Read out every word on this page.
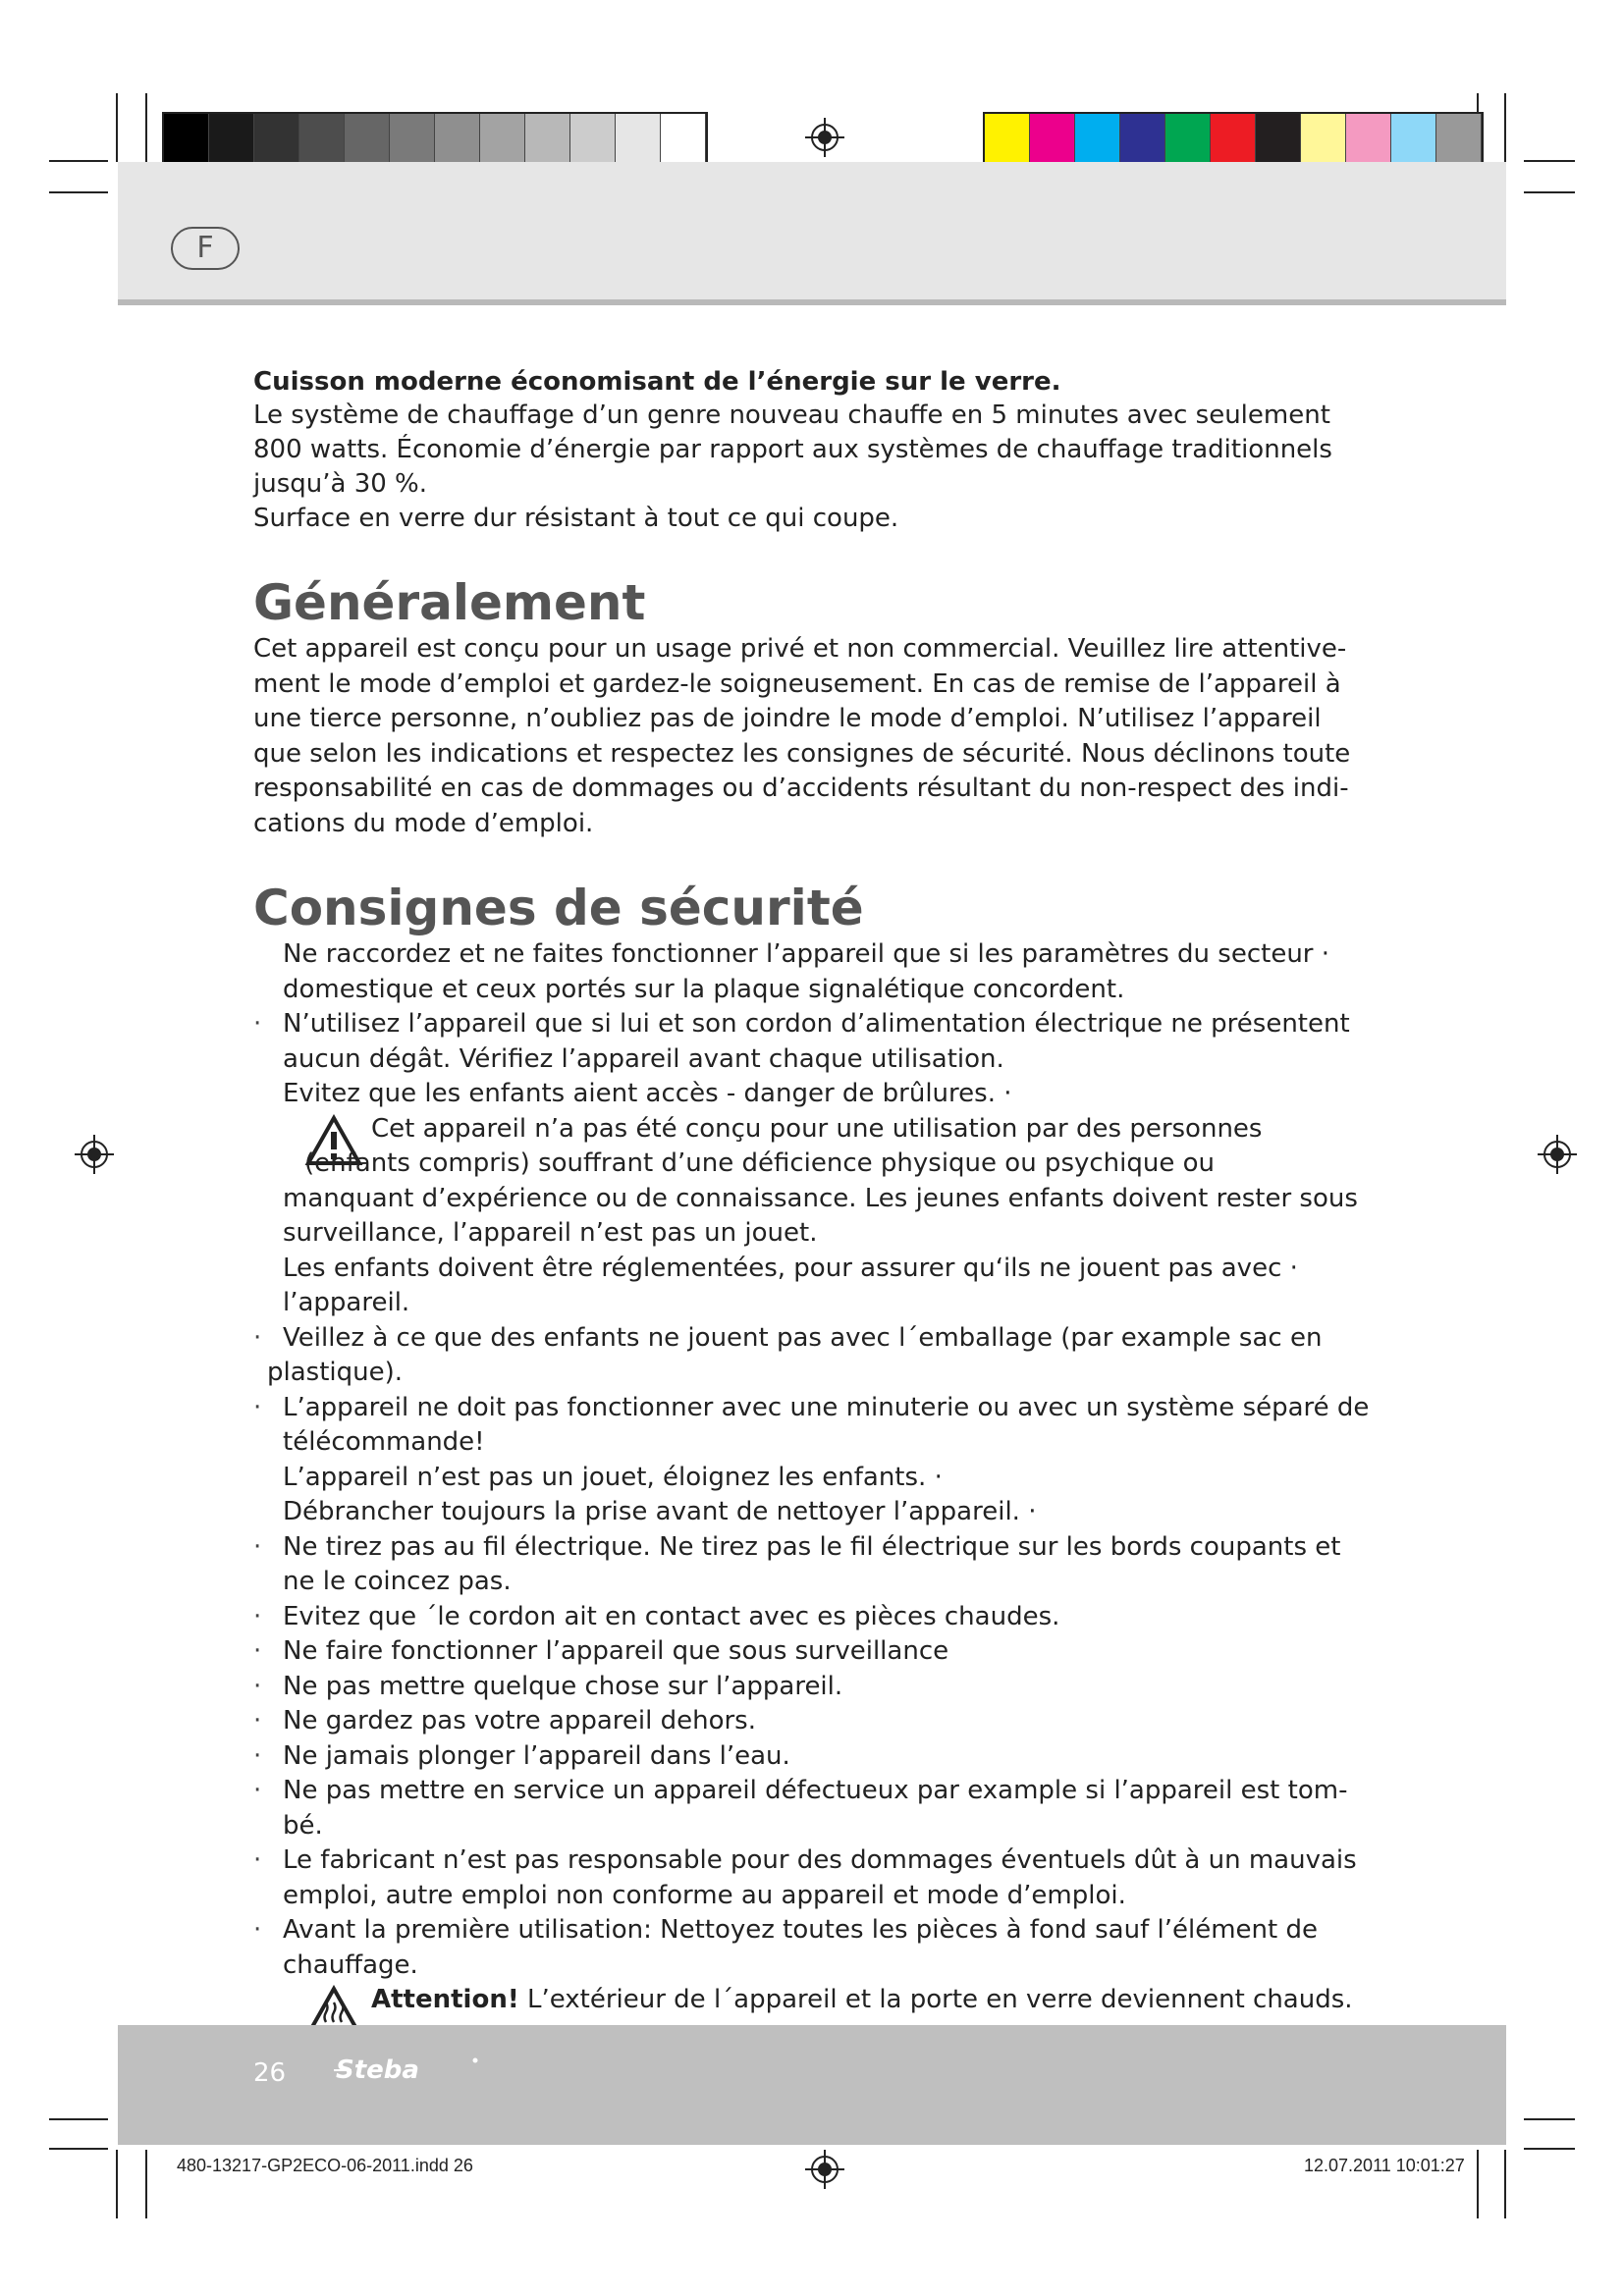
F

Cuisson moderne économisant de l’énergie sur le verre.

Le système de chauffage d’un genre nouveau chauffe en 5 minutes avec seulement

800 watts. Économie d’énergie par rapport aux systèmes de chauffage traditionnels

jusqu’à 30 %.

Surface en verre dur résistant à tout ce qui coupe.

Généralement

Cet appareil est conçu pour un usage privé et non commercial. Veuillez lire attentive-

ment le mode d’emploi et gardez-le soigneusement. En cas de remise de l’appareil à

une tierce personne, n’oubliez pas de joindre le mode d’emploi. N’utilisez l’appareil

que selon les indications et respectez les consignes de sécurité. Nous déclinons toute

responsabilité en cas de dommages ou d’accidents résultant du non-respect des indi-

cations du mode d’emploi.

Consignes de sécurité
Ne raccordez et ne faites fonctionner l’appareil que si les paramètres du secteur ·
domestique et ceux portés sur la plaque signalétique concordent.
· N’utilisez l’appareil que si lui et son cordon d’alimentation électrique ne présentent
aucun dégât. Vérifiez l’appareil avant chaque utilisation.
Evitez que les enfants aient accès - danger de brûlures. ·
Cet appareil n’a pas été conçu pour une utilisation par des personnes
(enfants compris) souffrant d’une déficience physique ou psychique ou
manquant d’expérience ou de connaissance. Les jeunes enfants doivent rester sous
surveillance, l’appareil n’est pas un jouet.
Les enfants doivent être réglementées, pour assurer qu‘ils ne jouent pas avec ·
l’appareil.
· Veillez à ce que des enfants ne jouent pas avec l´emballage (par example sac en
plastique).
· L’appareil ne doit pas fonctionner avec une minuterie ou avec un système séparé de
télécommande!
L’appareil n’est pas un jouet, éloignez les enfants. ·
Débrancher toujours la prise avant de nettoyer l’appareil. ·
· Ne tirez pas au fil électrique. Ne tirez pas le fil électrique sur les bords coupants et
ne le coincez pas.
· Evitez que ´le cordon ait en contact avec es pièces chaudes.
· Ne faire fonctionner l’appareil que sous surveillance
· Ne pas mettre quelque chose sur l’appareil.
· Ne gardez pas votre appareil dehors.
· Ne jamais plonger l’appareil dans l’eau.
· Ne pas mettre en service un appareil défectueux par example si l’appareil est tom-
bé.
· Le fabricant n’est pas responsable pour des dommages éventuels dût à un mauvais
emploi, autre emploi non conforme au appareil et mode d’emploi.
· Avant la première utilisation: Nettoyez toutes les pièces à fond sauf l’élément de
chauffage.
Attention! L’extérieur de l´appareil et la porte en verre deviennent chauds.
26 Steba
480-13217-GP2ECO-06-2011.indd 26	12.07.2011 10:01:27
